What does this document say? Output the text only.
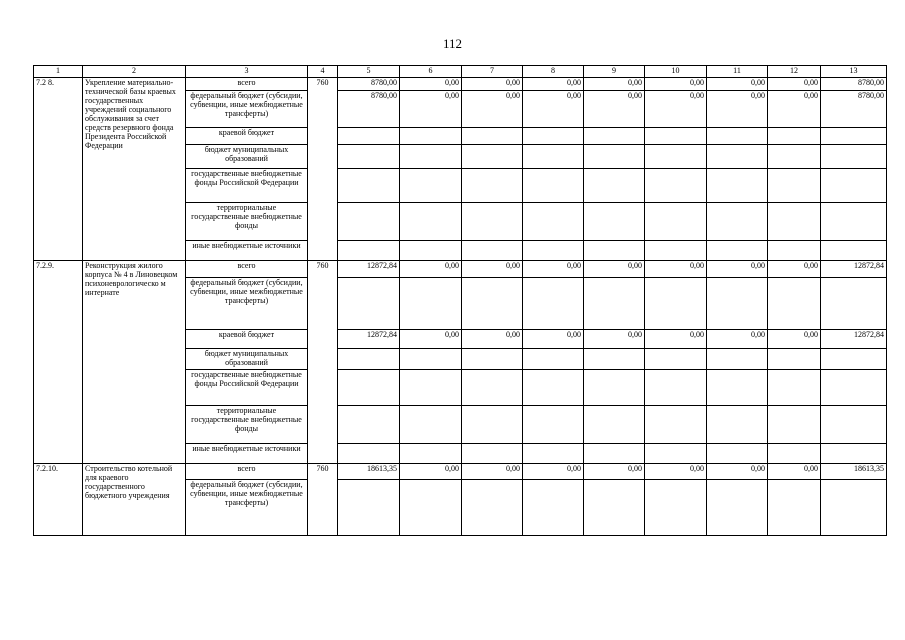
112
1	2	3	4	5	6	7	8	9	10	11	12	13
7.2 8.	Укрепление материально-технической базы краевых государственных учреждений социального обслуживания за счет средств резервного фонда Президента Российской Федерации	всего	760	8780,00	0,00	0,00	0,00	0,00	0,00	0,00	0,00	8780,00
		федеральный бюджет (субсидии, субвенции, иные межбюджетные трансферты)		8780,00	0,00	0,00	0,00	0,00	0,00	0,00	0,00	8780,00
		краевой бюджет										
		бюджет муниципальных образований										
		государственные внебюджетные фонды Российской Федерации										
		территориальные государственные внебюджетные фонды										
		иные внебюджетные источники										
7.2.9.	Реконструкция жилого корпуса № 4 в Линовецком психоневрологическо м интернате	всего	760	12872,84	0,00	0,00	0,00	0,00	0,00	0,00	0,00	12872,84
		федеральный бюджет (субсидии, субвенции, иные межбюджетные трансферты)										
		краевой бюджет		12872,84	0,00	0,00	0,00	0,00	0,00	0,00	0,00	12872,84
		бюджет муниципальных образований										
		государственные внебюджетные фонды Российской Федерации										
		территориальные государственные внебюджетные фонды										
		иные внебюджетные источники										
7.2.10.	Строительство котельной для краевого государственного бюджетного учреждения	всего	760	18613,35	0,00	0,00	0,00	0,00	0,00	0,00	0,00	18613,35
		федеральный бюджет (субсидии, субвенции, иные межбюджетные трансферты)										
